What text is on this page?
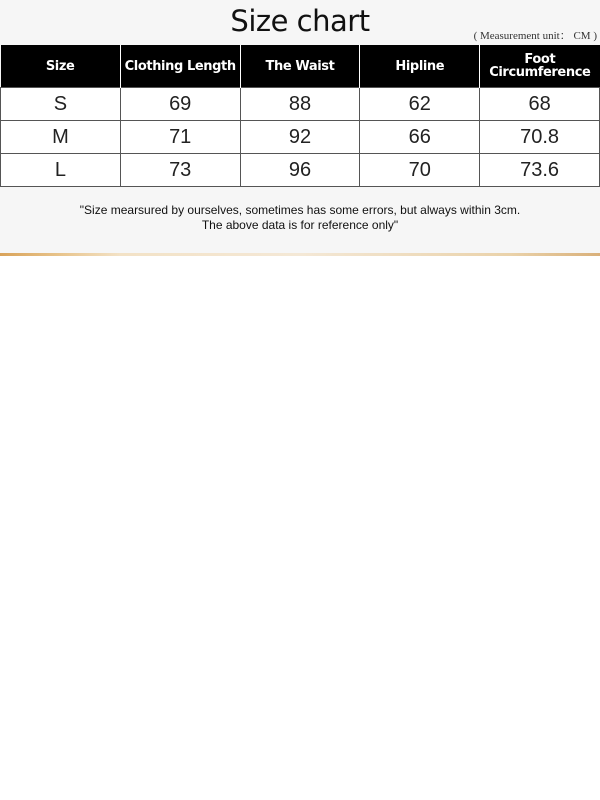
Size chart	( Measurement unit： CM )
Size	Clothing Length	The Waist	Hipline	Foot Circumference
S	69	88	62	68
M	71	92	66	70.8
L	73	96	70	73.6
"Size mearsured by ourselves, sometimes has some errors, but always within 3cm.
The above data is for reference only"
